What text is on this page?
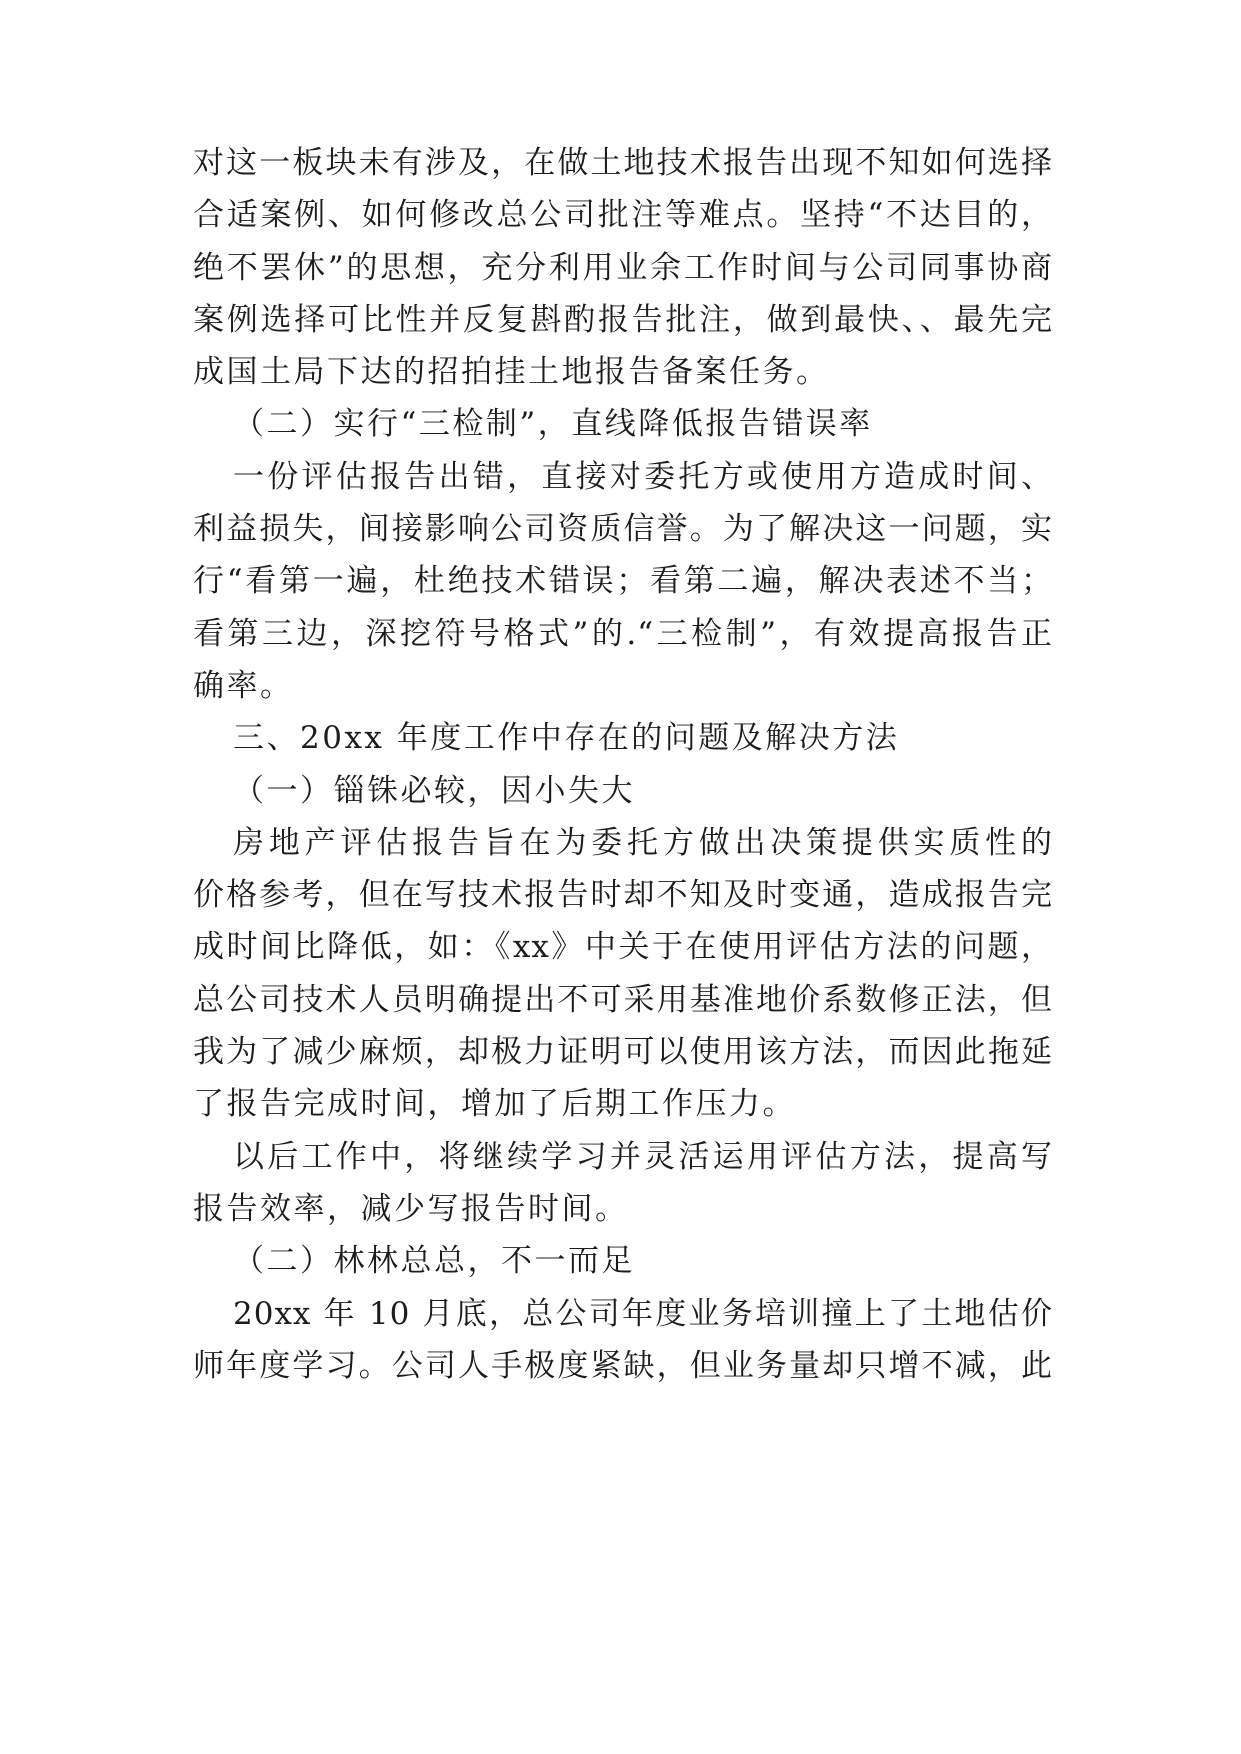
对这一板块未有涉及，在做土地技术报告出现不知如何选择
合适案例、如何修改总公司批注等难点。坚持“不达目的，
绝不罢休”的思想，充分利用业余工作时间与公司同事协商
案例选择可比性并反复斟酌报告批注，做到最快、、最先完
成国土局下达的招拍挂土地报告备案任务。
（二）实行“三检制”，直线降低报告错误率
一份评估报告出错，直接对委托方或使用方造成时间、
利益损失，间接影响公司资质信誉。为了解决这一问题，实
行“看第一遍，杜绝技术错误；看第二遍，解决表述不当；
看第三边，深挖符号格式”的.“三检制”，有效提高报告正
确率。
三、20xx 年度工作中存在的问题及解决方法
（一）锱铢必较，因小失大
房地产评估报告旨在为委托方做出决策提供实质性的
价格参考，但在写技术报告时却不知及时变通，造成报告完
成时间比降低，如：《xx》中关于在使用评估方法的问题，
总公司技术人员明确提出不可采用基准地价系数修正法，但
我为了减少麻烦，却极力证明可以使用该方法，而因此拖延
了报告完成时间，增加了后期工作压力。
以后工作中，将继续学习并灵活运用评估方法，提高写
报告效率，减少写报告时间。
（二）林林总总，不一而足
20xx 年 10 月底，总公司年度业务培训撞上了土地估价
师年度学习。公司人手极度紧缺，但业务量却只增不减，此
